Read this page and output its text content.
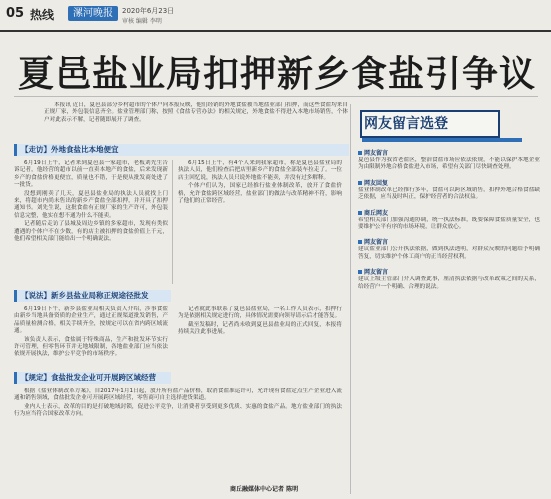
05 热线	漯河晚报	2020年6月23日
审核 编辑 李明
夏邑盐业局扣押新乡食盐引争议

本报讯 近日，夏邑县部分乡村超市的个体户向本报反映，他们经销的外地食盐被当地盐业部门扣押，而这些食盐均来自正规厂家，外包装信息齐全。盐业管理部门称，按照《食盐专营办法》的相关规定，外地食盐不得进入本地市场销售，个体户对此表示不解，记者随即展开了调查。

【走访】外地食盐比本地便宜

6月19日上午，记者来到夏邑县一家超市，老板刘先生告诉记者，他经营的超市以前一直卖本地产的食盐，后来发现新乡产的食盐价格更便宜，质量也不错，于是便从批发商处进了一批货。

没想到刚卖了几天，夏邑县盐业局的执法人员就找上门来，将超市内尚未售出的新乡产食盐全部扣押，并开具了扣押通知书。刘先生说，这批食盐有正规厂家的生产许可，外包装信息完整，他实在想不通为什么不能卖。

记者随后走访了县城及周边乡镇的多家超市，发现有类似遭遇的个体户不在少数，有的店主被扣押的食盐价值上千元，他们希望相关部门能给出一个明确说法。

6月15日上午，有4个人来到我家超市，称是夏邑县盐业局的执法人员，他们检查后把店里新乡产的食盐全部装车拉走了。一位店主回忆说，执法人员只说外地盐不能卖，并没有过多解释。

个体户们认为，国家已经推行盐业体制改革，放开了食盐价格，允许食盐跨区域经营，盐业部门的做法与改革精神不符，影响了他们的正常经营。

【说法】新乡县盐业局称正规途径批发

6月19日下午，新乡县盐业局相关负责人介绍，涉事食盐由新乡当地具备资质的企业生产，通过正规渠道批发销售，产品质量检测合格，相关手续齐全，按规定可以在省内跨区域流通。

该负责人表示，食盐属于特殊商品，生产和批发环节实行许可管理，但零售环节并无地域限制，各地盐业部门应当依法依规开展执法，维护公平竞争的市场秩序。

记者就此事联系了夏邑县盐业局，一名工作人员表示，扣押行为是依据相关规定进行的，具体情况需要向领导请示后才能答复。

截至发稿时，记者尚未收到夏邑县盐业局的正式回复，本报将持续关注此事进展。

【规定】食盐批发企业可开展跨区域经营

根据《盐业体制改革方案》，自2017年1月1日起，放开所有盐产品价格，取消食盐准运许可，允许现有食盐定点生产企业进入流通和销售领域，食盐批发企业可开展跨区域经营，零售商可自主选择进货渠道。

业内人士表示，改革的目的是打破地域封锁，促进公平竞争，让消费者享受到更多优质、实惠的食盐产品。地方盐业部门的执法行为应当符合国家改革方向。

商丘融媒体中心记者 陈明
网友留言选登
网友留言
夏邑县作为我省老盐区，整治食盐市场应依法依规，不能以保护本地企业为由限制外地合格食盐进入市场，希望有关部门尽快调查处理。
网友回复
盐业体制改革已经推行多年，食盐可以跨区域销售，扣押外地合格食盐缺乏依据，应当及时纠正，保护经营者的合法权益。
商丘网友
希望相关部门加强沟通协调，统一执法标准，既要保障食盐质量安全，也要维护公平有序的市场环境，让群众放心。
网友留言
建议盐业部门公开执法依据，做到执法透明，对群众反映的问题给予明确答复，切实维护个体工商户的正当经营权利。
网友留言
建议上级主管部门介入调查此事，厘清执法依据与改革政策之间的关系，给经营户一个明确、合理的说法。
